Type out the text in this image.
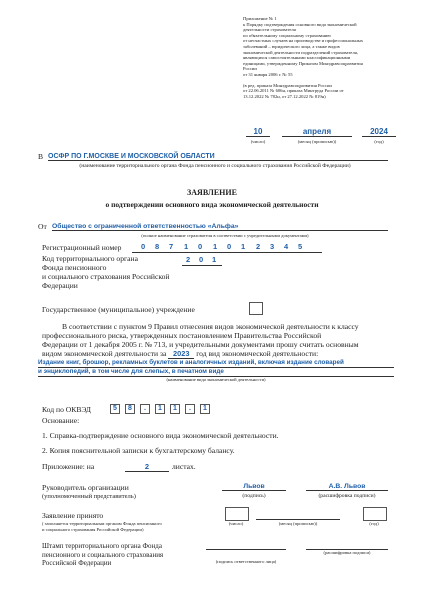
Приложение № 1
к Порядку подтверждения основного вида экономической
деятельности страхователя
по обязательному социальному страхованию
от несчастных случаев на производстве и профессиональных
заболеваний – юридического лица, а также видов
экономической деятельности подразделений страхователя,
являющихся самостоятельными классификационными
единицами, утвержденному Приказом Минздравсоцразвития
России
от 31 января 2006 г. № 55
(в ред. приказа Минздравсоцразвития России
от 22.06.2011 № 606н, приказа Минтруда России от
13.12.2022 № 782н, от 27.12.2022 № 819н)
10	апреля	2024
(число)	(месяц (прописью))	(год)
В ОСФР ПО Г.МОСКВЕ И МОСКОВСКОЙ ОБЛАСТИ
(наименование территориального органа Фонда пенсионного и социального страхования Российской Федерации)
ЗАЯВЛЕНИЕ
о подтверждении основного вида экономической деятельности
От Общество с ограниченной ответственностью «Альфа»
(полное наименование страхователя в соответствии с учредительными документами)
Регистрационный номер	0 8 7 1 0 1 0 1 2 3 4 5
Код территориального органа
Фонда пенсионного
и социального страхования Российской
Федерации
2 0 1
Государственное (муниципальное) учреждение
В соответствии с пунктом 9 Правил отнесения видов экономической деятельности к классу
профессионального риска, утвержденных постановлением Правительства Российской
Федерации от 1 декабря 2005 г. № 713, и учредительными документами прошу считать основным
видом экономической деятельности за 2023 год вид экономической деятельности:
Издание книг, брошюр, рекламных буклетов и аналогичных изданий, включая издание словарей
и энциклопедий, в том числе для слепых, в печатном виде
(наименование вида экономической деятельности)
Код по ОКВЭД	5	8	.	1	1	.	1
Основание:
1. Справка-подтверждение основного вида экономической деятельности.
2. Копия пояснительной записки к бухгалтерскому балансу.
Приложение: на	2	листах.
Руководитель организации
(уполномоченный представитель)
Львов
(подпись)
А.В. Львов
(расшифровка подписи)
Заявление принято
( заполняется территориальным органом Фонда пенсионного
и социального страхования Российской Федерации)
(число)	(месяц (прописью))	(год)
Штамп территориального органа Фонда
пенсионного и социального страхования
Российской Федерации	(подпись ответственного лица)
(расшифровка подписи)
